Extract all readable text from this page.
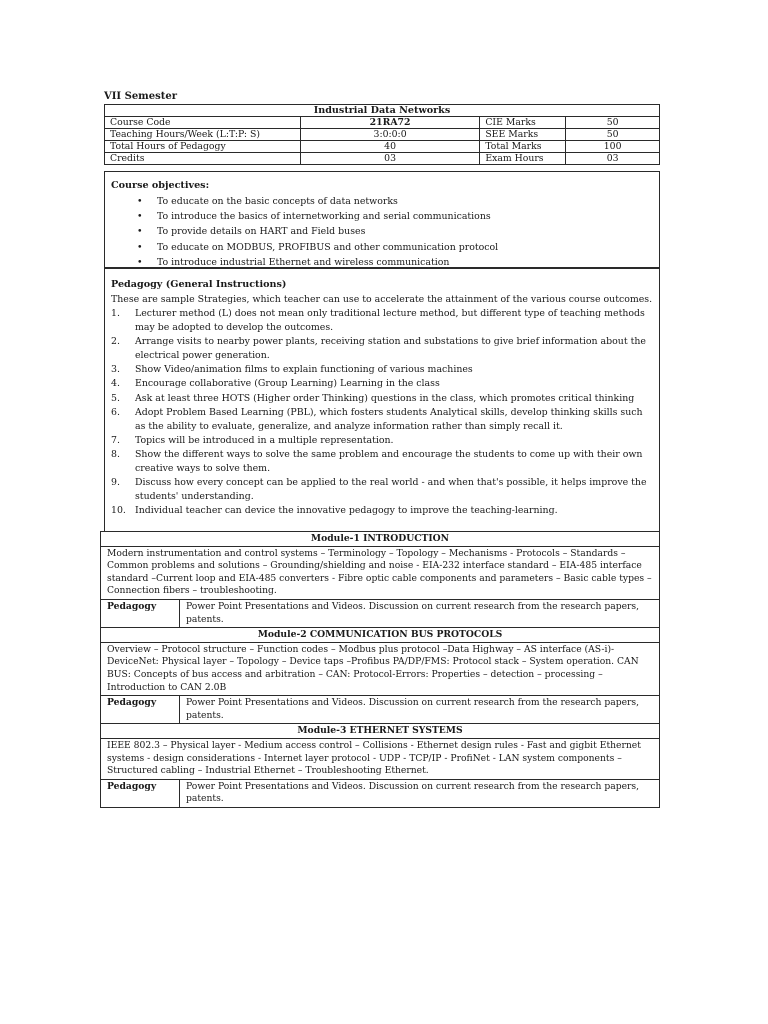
VII Semester

Course Code	21RA72	CIE Marks	50
Teaching Hours/Week (L:T:P: S)	3:0:0:0	SEE Marks	50
Total Hours of Pedagogy	40	Total Marks	100
Credits	03	Exam Hours	03
Industrial Data Networks
Course objectives:
• To educate on the basic concepts of data networks
• To introduce the basics of internetworking and serial communications
• To provide details on HART and Field buses
• To educate on MODBUS, PROFIBUS and other communication protocol
• To introduce industrial Ethernet and wireless communication
Pedagogy (General Instructions)
These are sample Strategies, which teacher can use to accelerate the attainment of the various course outcomes.
1. Lecturer method (L) does not mean only traditional lecture method, but different type of teaching methods may be adopted to develop the outcomes.
2. Arrange visits to nearby power plants, receiving station and substations to give brief information about the electrical power generation.
3. Show Video/animation films to explain functioning of various machines
4. Encourage collaborative (Group Learning) Learning in the class
5. Ask at least three HOTS (Higher order Thinking) questions in the class, which promotes critical thinking
6. Adopt Problem Based Learning (PBL), which fosters students Analytical skills, develop thinking skills such as the ability to evaluate, generalize, and analyze information rather than simply recall it.
7. Topics will be introduced in a multiple representation.
8. Show the different ways to solve the same problem and encourage the students to come up with their own creative ways to solve them.
9. Discuss how every concept can be applied to the real world - and when that's possible, it helps improve the students' understanding.
10. Individual teacher can device the innovative pedagogy to improve the teaching-learning.
Module-1 INTRODUCTION	
Modern instrumentation and control systems – Terminology – Topology – Mechanisms - Protocols – Standards – Common problems and solutions – Grounding/shielding and noise - EIA-232 interface standard – EIA-485 interface standard –Current loop and EIA-485 converters - Fibre optic cable components and parameters – Basic cable types – Connection fibers – troubleshooting.	
Pedagogy	Power Point Presentations and Videos. Discussion on current research from the research papers, patents.
Module-2 COMMUNICATION BUS PROTOCOLS	
Overview – Protocol structure – Function codes – Modbus plus protocol –Data Highway – AS interface (AS-i)-DeviceNet: Physical layer – Topology – Device taps –Profibus PA/DP/FMS: Protocol stack – System operation. CAN BUS: Concepts of bus access and arbitration – CAN: Protocol-Errors: Properties – detection – processing – Introduction to CAN 2.0B	
Pedagogy	Power Point Presentations and Videos. Discussion on current research from the research papers, patents.
Module-3 ETHERNET SYSTEMS	
IEEE 802.3 – Physical layer - Medium access control – Collisions - Ethernet design rules - Fast and gigbit Ethernet systems - design considerations - Internet layer protocol - UDP - TCP/IP - ProfiNet - LAN system components – Structured cabling – Industrial Ethernet – Troubleshooting Ethernet.	
Pedagogy	Power Point Presentations and Videos. Discussion on current research from the research papers, patents.
